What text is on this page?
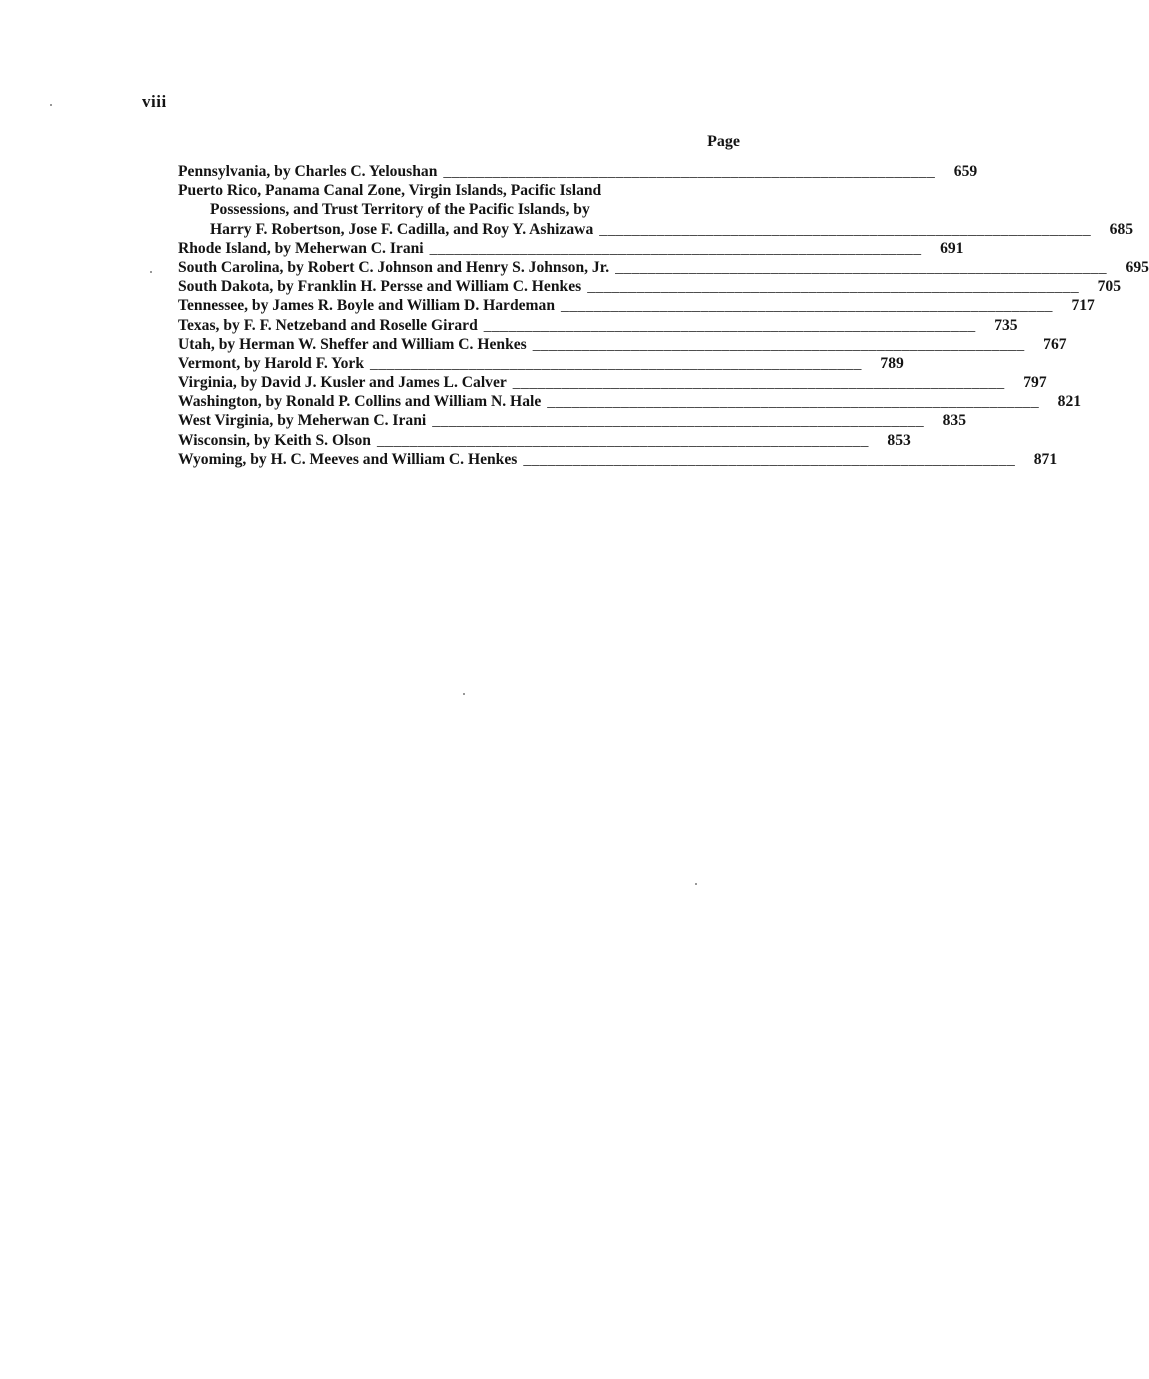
viii
Page
Pennsylvania, by Charles C. Yeloushan ____________________________________________________________	659
Puerto Rico, Panama Canal Zone, Virgin Islands, Pacific Island
Possessions, and Trust Territory of the Pacific Islands, by
Harry F. Robertson, Jose F. Cadilla, and Roy Y. Ashizawa ____________________________________________________________	685
Rhode Island, by Meherwan C. Irani ____________________________________________________________	691
South Carolina, by Robert C. Johnson and Henry S. Johnson, Jr. ____________________________________________________________	695
South Dakota, by Franklin H. Persse and William C. Henkes ____________________________________________________________	705
Tennessee, by James R. Boyle and William D. Hardeman ____________________________________________________________	717
Texas, by F. F. Netzeband and Roselle Girard ____________________________________________________________	735
Utah, by Herman W. Sheffer and William C. Henkes ____________________________________________________________	767
Vermont, by Harold F. York ____________________________________________________________	789
Virginia, by David J. Kusler and James L. Calver ____________________________________________________________	797
Washington, by Ronald P. Collins and William N. Hale ____________________________________________________________	821
West Virginia, by Meherwan C. Irani ____________________________________________________________	835
Wisconsin, by Keith S. Olson ____________________________________________________________	853
Wyoming, by H. C. Meeves and William C. Henkes ____________________________________________________________	871
